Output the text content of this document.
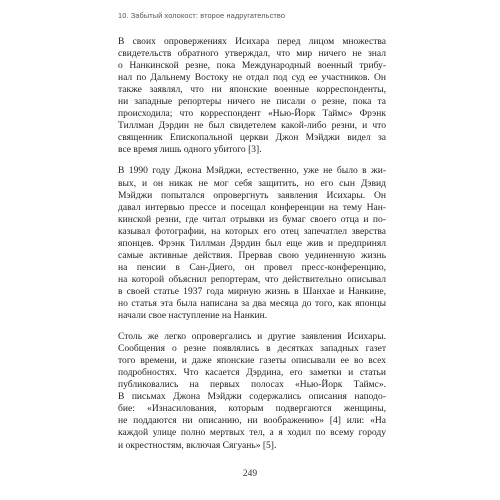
10. Забытый холокост: второе надругательство
В своих опровержениях Исихара перед лицом множества
свидетельств обратного утверждал, что мир ничего не знал
о Нанкинской резне, пока Международный военный трибу-
нал по Дальнему Востоку не отдал под суд ее участников. Он
также заявлял, что ни японские военные корреспонденты,
ни западные репортеры ничего не писали о резне, пока та
происходила; что корреспондент «Нью-Йорк Таймс» Фрэнк
Тиллман Дэрдин не был свидетелем какой-либо резни, и что
священник Епископальной церкви Джон Мэйджи видел за
все время лишь одного убитого [3].
В 1990 году Джона Мэйджи, естественно, уже не было в жи-
вых, и он никак не мог себя защитить, но его сын Дэвид
Мэйджи попытался опровергнуть заявления Исихары. Он
давал интервью прессе и посещал конференции на тему Нан-
кинской резни, где читал отрывки из бумаг своего отца и по-
казывал фотографии, на которых его отец запечатлел зверства
японцев. Фрэнк Тиллман Дэрдин был еще жив и предпринял
самые активные действия. Прервав свою уединенную жизнь
на пенсии в Сан-Диего, он провел пресс-конференцию,
на которой объяснил репортерам, что действительно описывал
в своей статье 1937 года мирную жизнь в Шанхае и Нанкине,
но статья эта была написана за два месяца до того, как японцы
начали свое наступление на Нанкин.
Столь же легко опровергались и другие заявления Исихары.
Сообщения о резне появлялись в десятках западных газет
того времени, и даже японские газеты описывали ее во всех
подробностях. Что касается Дэрдина, его заметки и статьи
публиковались на первых полосах «Нью-Йорк Таймс».
В письмах Джона Мэйджи содержались описания наподо-
бие: «Изнасилования, которым подвергаются женщины,
не поддаются ни описанию, ни воображению» [4] или: «На
каждой улице полно мертвых тел, а я ходил по всему городу
и окрестностям, включая Сягуань» [5].
249
